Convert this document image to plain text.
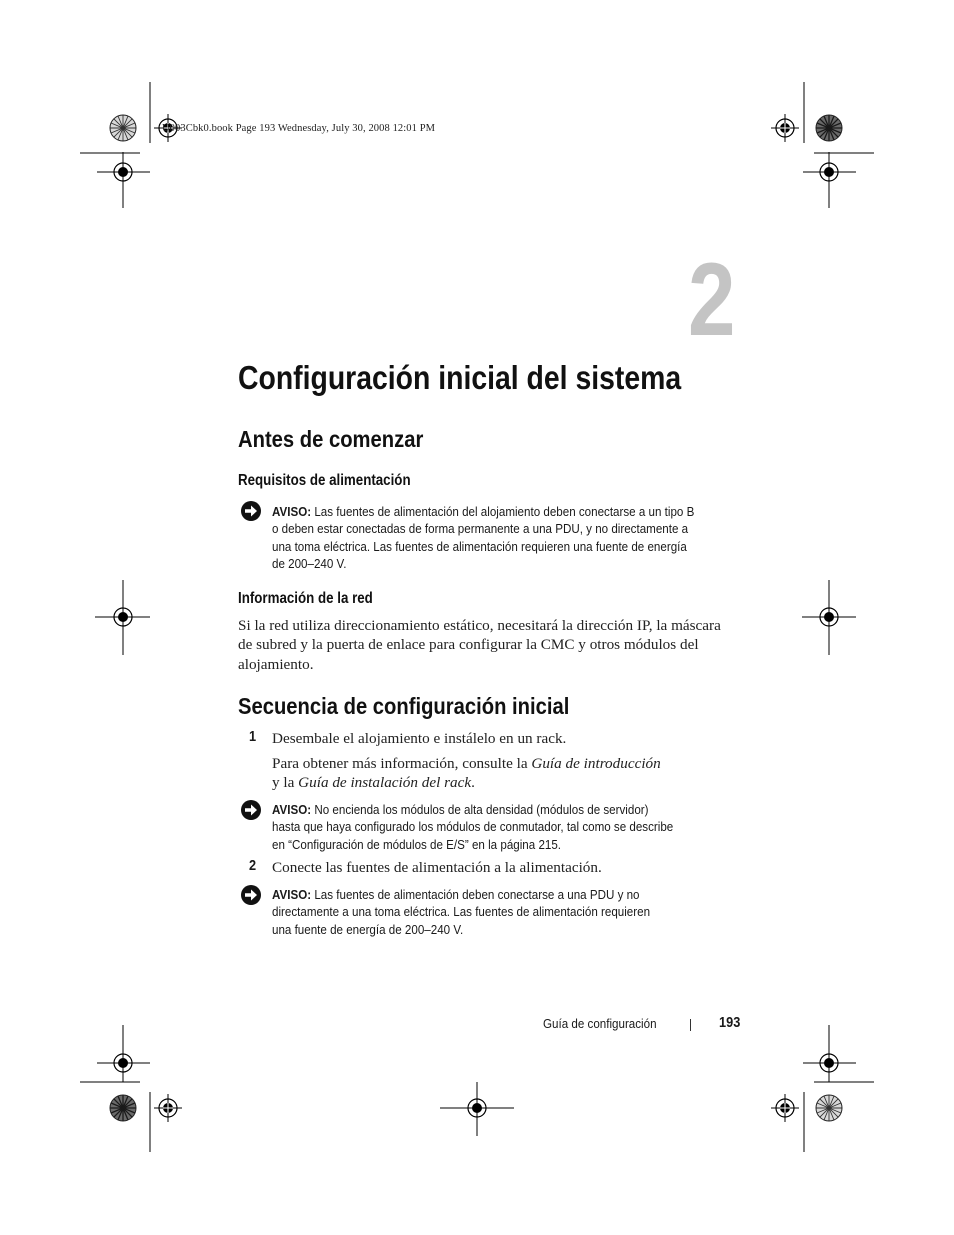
U003Cbk0.book Page 193 Wednesday, July 30, 2008 12:01 PM
2
Configuración inicial del sistema
Antes de comenzar
Requisitos de alimentación
AVISO: Las fuentes de alimentación del alojamiento deben conectarse a un tipo B
o deben estar conectadas de forma permanente a una PDU, y no directamente a
una toma eléctrica. Las fuentes de alimentación requieren una fuente de energía
de 200–240 V.
Información de la red
Si la red utiliza direccionamiento estático, necesitará la dirección IP, la máscara
de subred y la puerta de enlace para configurar la CMC y otros módulos del
alojamiento.
Secuencia de configuración inicial
1 Desembale el alojamiento e instálelo en un rack.
Para obtener más información, consulte la Guía de introducción
y la Guía de instalación del rack.
AVISO: No encienda los módulos de alta densidad (módulos de servidor)
hasta que haya configurado los módulos de conmutador, tal como se describe
en “Configuración de módulos de E/S” en la página 215.
2 Conecte las fuentes de alimentación a la alimentación.
AVISO: Las fuentes de alimentación deben conectarse a una PDU y no
directamente a una toma eléctrica. Las fuentes de alimentación requieren
una fuente de energía de 200–240 V.
Guía de configuración	193
